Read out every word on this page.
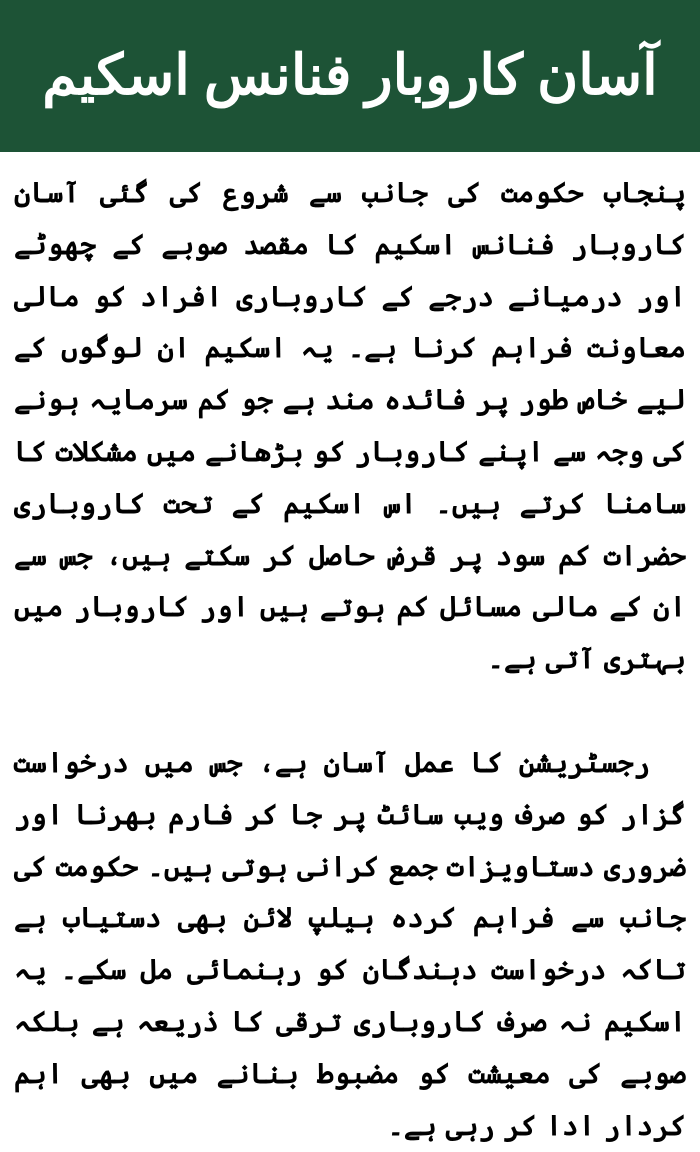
آسان کاروبار فنانس اسکیم

پنجاب حکومت کی جانب سے شروع کی گئی آسان کاروبار فنانس اسکیم کا مقصد صوبے کے چھوٹے اور درمیانے درجے کے کاروباری افراد کو مالی معاونت فراہم کرنا ہے۔ یہ اسکیم ان لوگوں کے لیے خاص طور پر فائدہ مند ہے جو کم سرمایہ ہونے کی وجہ سے اپنے کاروبار کو بڑھانے میں مشکلات کا سامنا کرتے ہیں۔ اس اسکیم کے تحت کاروباری حضرات کم سود پر قرض حاصل کر سکتے ہیں، جس سے ان کے مالی مسائل کم ہوتے ہیں اور کاروبار میں بہتری آتی ہے۔

رجسٹریشن کا عمل آسان ہے، جس میں درخواست گزار کو صرف ویب سائٹ پر جا کر فارم بھرنا اور ضروری دستاویزات جمع کرانی ہوتی ہیں۔ حکومت کی جانب سے فراہم کردہ ہیلپ لائن بھی دستیاب ہے تاکہ درخواست دہندگان کو رہنمائی مل سکے۔ یہ اسکیم نہ صرف کاروباری ترقی کا ذریعہ ہے بلکہ صوبے کی معیشت کو مضبوط بنانے میں بھی اہم کردار ادا کر رہی ہے۔
